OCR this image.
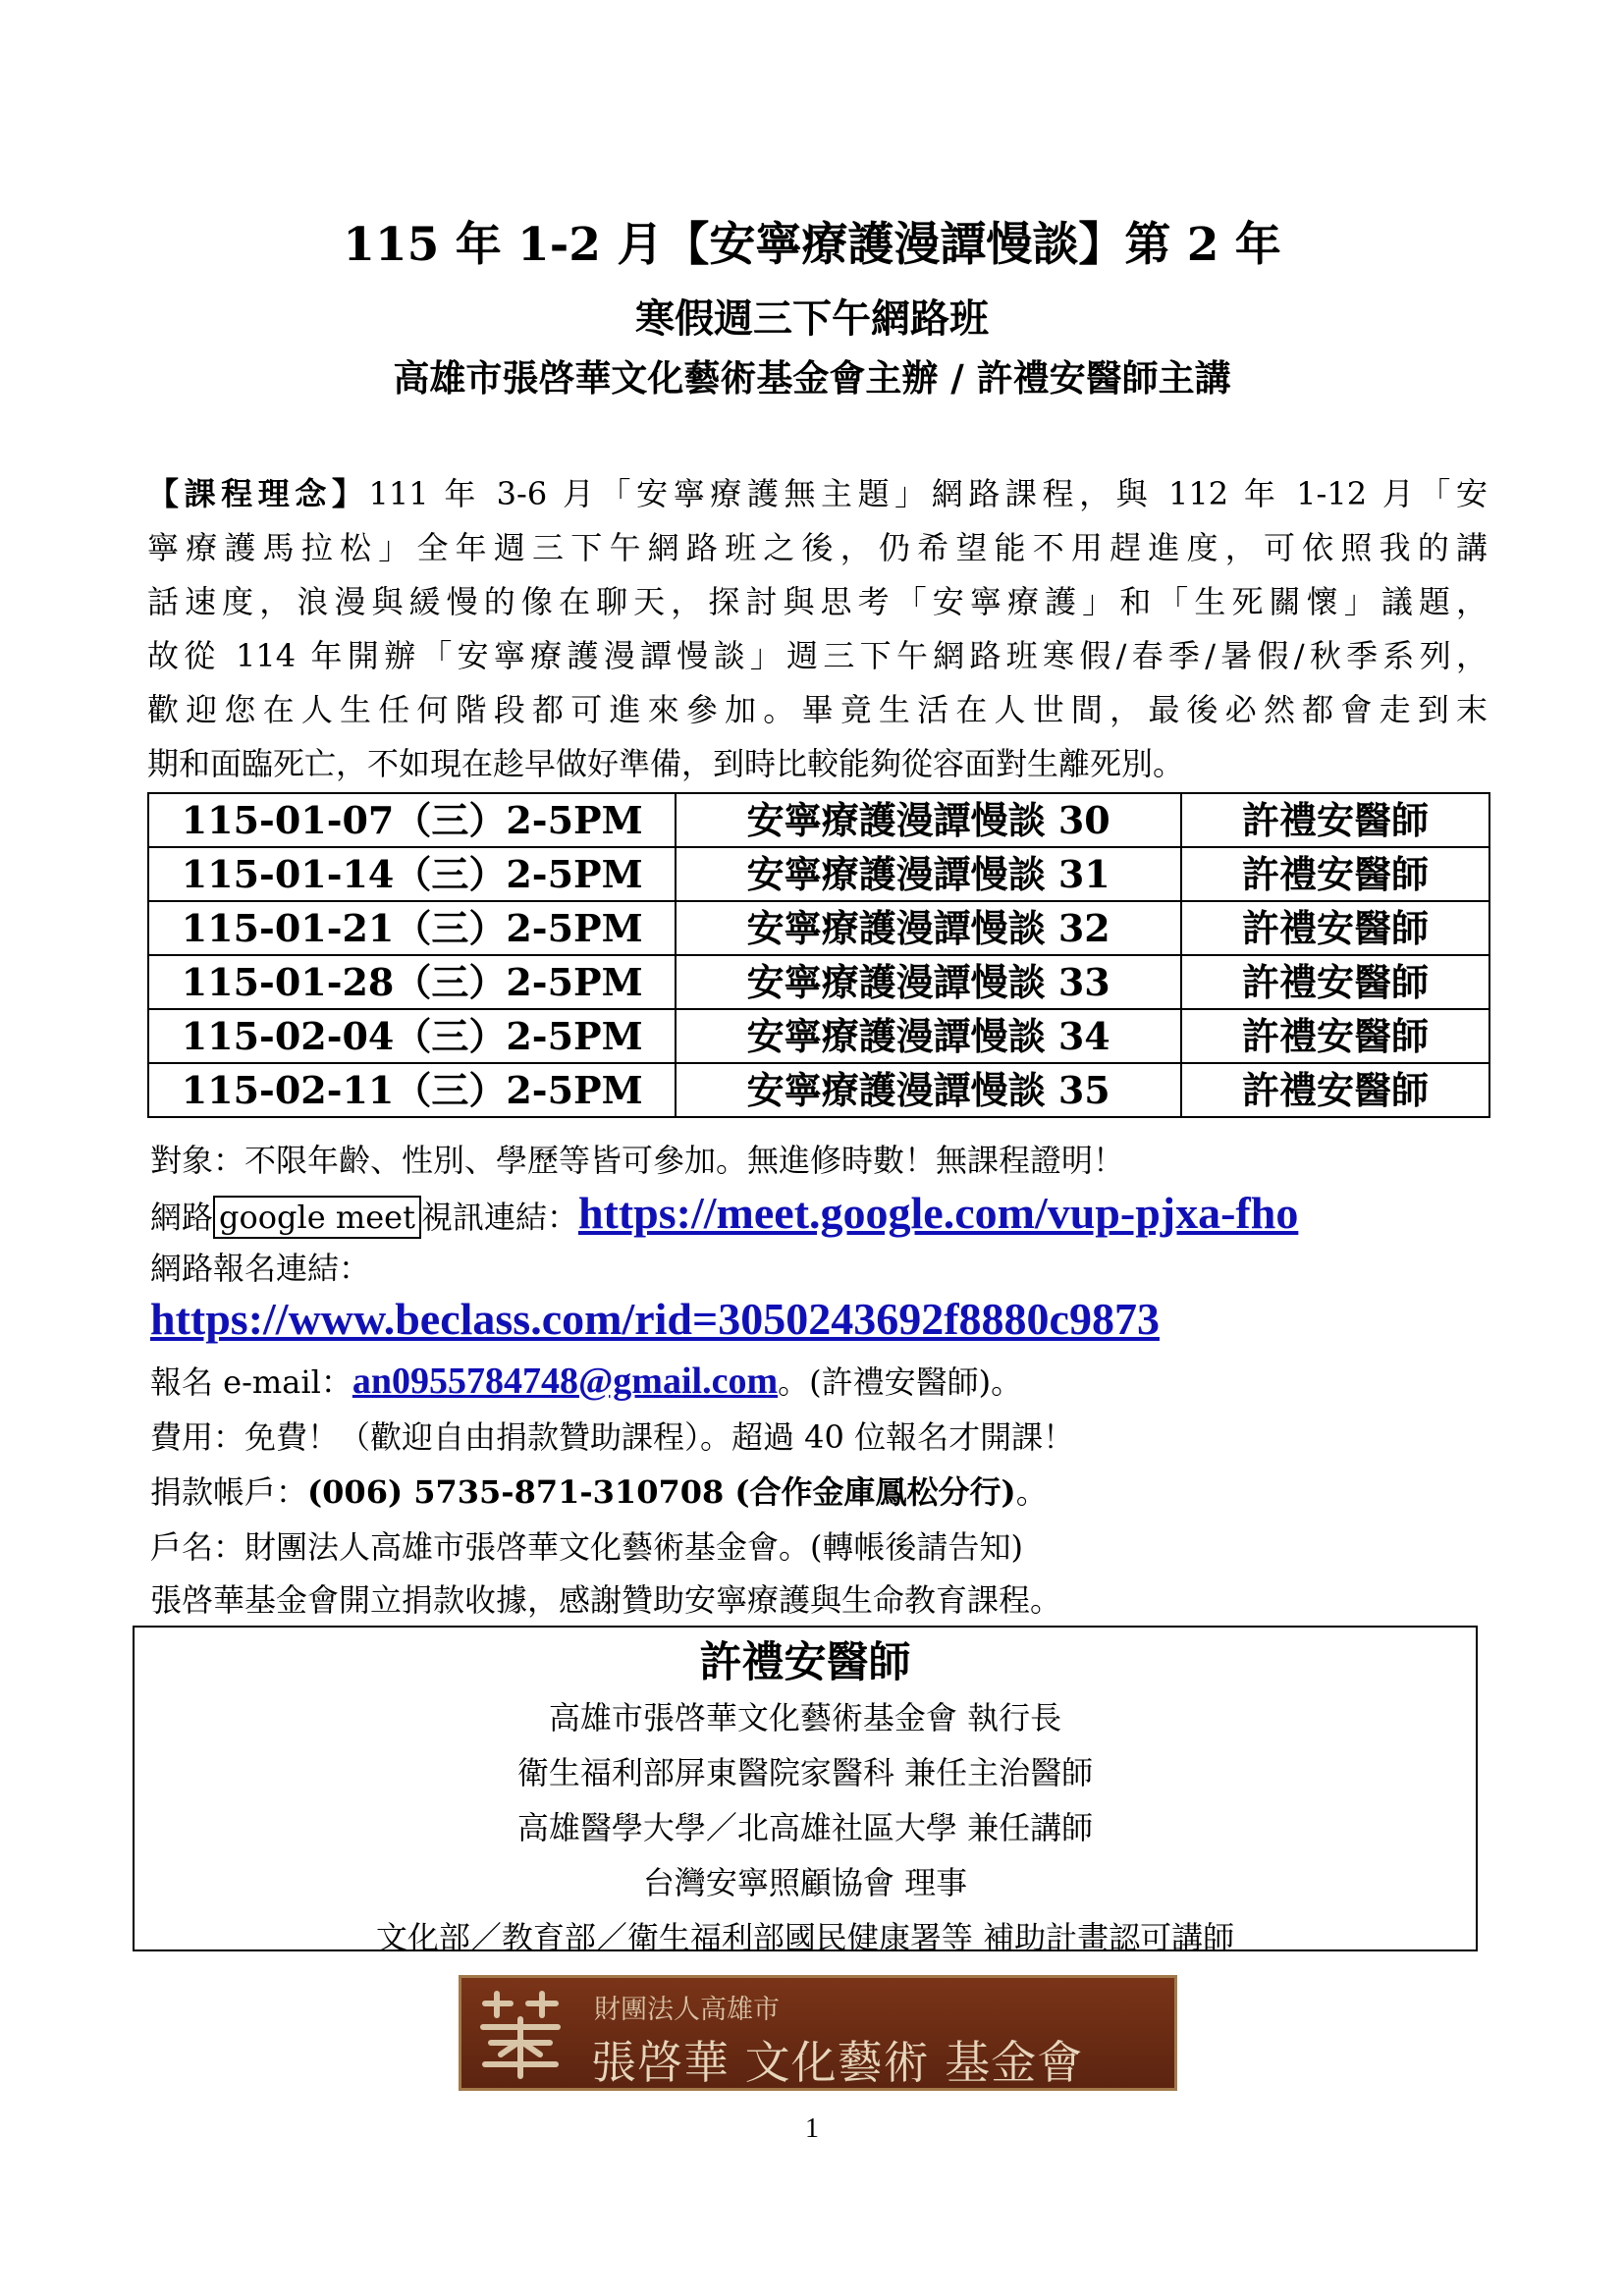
115 年 1-2 月【安寧療護漫譚慢談】第 2 年
寒假週三下午網路班
高雄市張啓華文化藝術基金會主辦 / 許禮安醫師主講
【課程理念】111 年 3-6 月「安寧療護無主題」網路課程，與 112 年 1-12 月「安
寧療護馬拉松」全年週三下午網路班之後，仍希望能不用趕進度，可依照我的講
話速度，浪漫與緩慢的像在聊天，探討與思考「安寧療護」和「生死關懷」議題，
故從 114 年開辦「安寧療護漫譚慢談」週三下午網路班寒假/春季/暑假/秋季系列，
歡迎您在人生任何階段都可進來參加。畢竟生活在人世間，最後必然都會走到末
期和面臨死亡，不如現在趁早做好準備，到時比較能夠從容面對生離死別。
115-01-07（三）2-5PM	安寧療護漫譚慢談 30	許禮安醫師
115-01-14（三）2-5PM	安寧療護漫譚慢談 31	許禮安醫師
115-01-21（三）2-5PM	安寧療護漫譚慢談 32	許禮安醫師
115-01-28（三）2-5PM	安寧療護漫譚慢談 33	許禮安醫師
115-02-04（三）2-5PM	安寧療護漫譚慢談 34	許禮安醫師
115-02-11（三）2-5PM	安寧療護漫譚慢談 35	許禮安醫師
對象：不限年齡、性別、學歷等皆可參加。無進修時數！無課程證明！
網路 google meet 視訊連結：https://meet.google.com/vup-pjxa-fho
網路報名連結：
https://www.beclass.com/rid=3050243692f8880c9873
報名 e-mail：an0955784748@gmail.com。(許禮安醫師)。
費用：免費！（歡迎自由捐款贊助課程）。超過 40 位報名才開課！
捐款帳戶：(006) 5735-871-310708 (合作金庫鳳松分行)。
戶名：財團法人高雄市張啓華文化藝術基金會。(轉帳後請告知)
張啓華基金會開立捐款收據，感謝贊助安寧療護與生命教育課程。
許禮安醫師
高雄市張啓華文化藝術基金會 執行長
衛生福利部屏東醫院家醫科 兼任主治醫師
高雄醫學大學／北高雄社區大學 兼任講師
台灣安寧照顧協會 理事
文化部／教育部／衛生福利部國民健康署等 補助計畫認可講師
財團法人高雄市
張啓華 文化藝術 基金會
1
